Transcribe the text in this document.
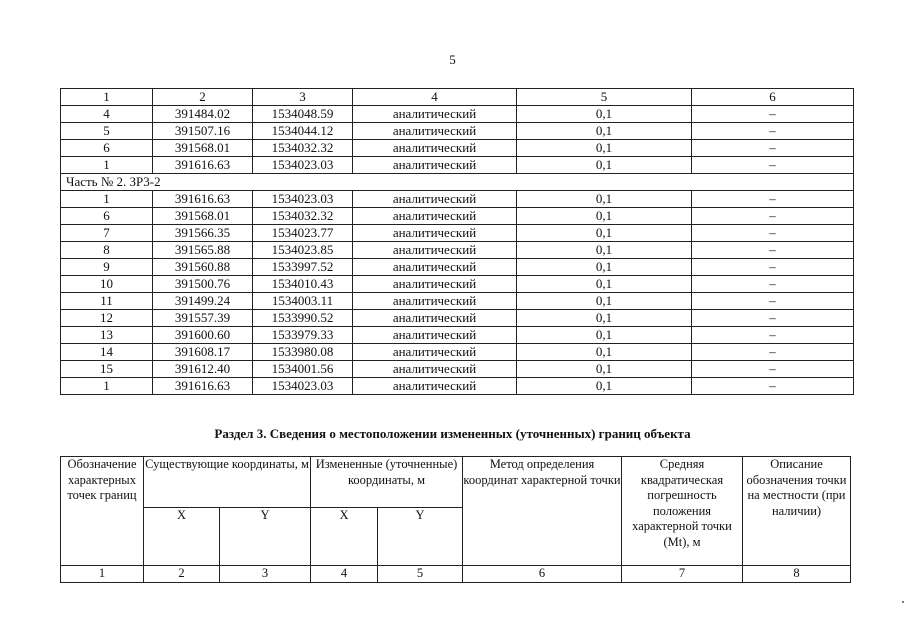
5
1	2	3	4	5	6
4	391484.02	1534048.59	аналитический	0,1	–
5	391507.16	1534044.12	аналитический	0,1	–
6	391568.01	1534032.32	аналитический	0,1	–
1	391616.63	1534023.03	аналитический	0,1	–
Часть № 2. ЗР3-2					
1	391616.63	1534023.03	аналитический	0,1	–
6	391568.01	1534032.32	аналитический	0,1	–
7	391566.35	1534023.77	аналитический	0,1	–
8	391565.88	1534023.85	аналитический	0,1	–
9	391560.88	1533997.52	аналитический	0,1	–
10	391500.76	1534010.43	аналитический	0,1	–
11	391499.24	1534003.11	аналитический	0,1	–
12	391557.39	1533990.52	аналитический	0,1	–
13	391600.60	1533979.33	аналитический	0,1	–
14	391608.17	1533980.08	аналитический	0,1	–
15	391612.40	1534001.56	аналитический	0,1	–
1	391616.63	1534023.03	аналитический	0,1	–
Раздел 3. Сведения о местоположении измененных (уточненных) границ объекта
Обозначение характерных точек границ	Существующие координаты, м		Измененные (уточненные) координаты, м		Метод определения координат характерной точки	Средняя квадратическая погрешность положения характерной точки (Mt), м	Описание обозначения точки на местности (при наличии)
	X	Y	X	Y			
1	2	3	4	5	6	7	8
